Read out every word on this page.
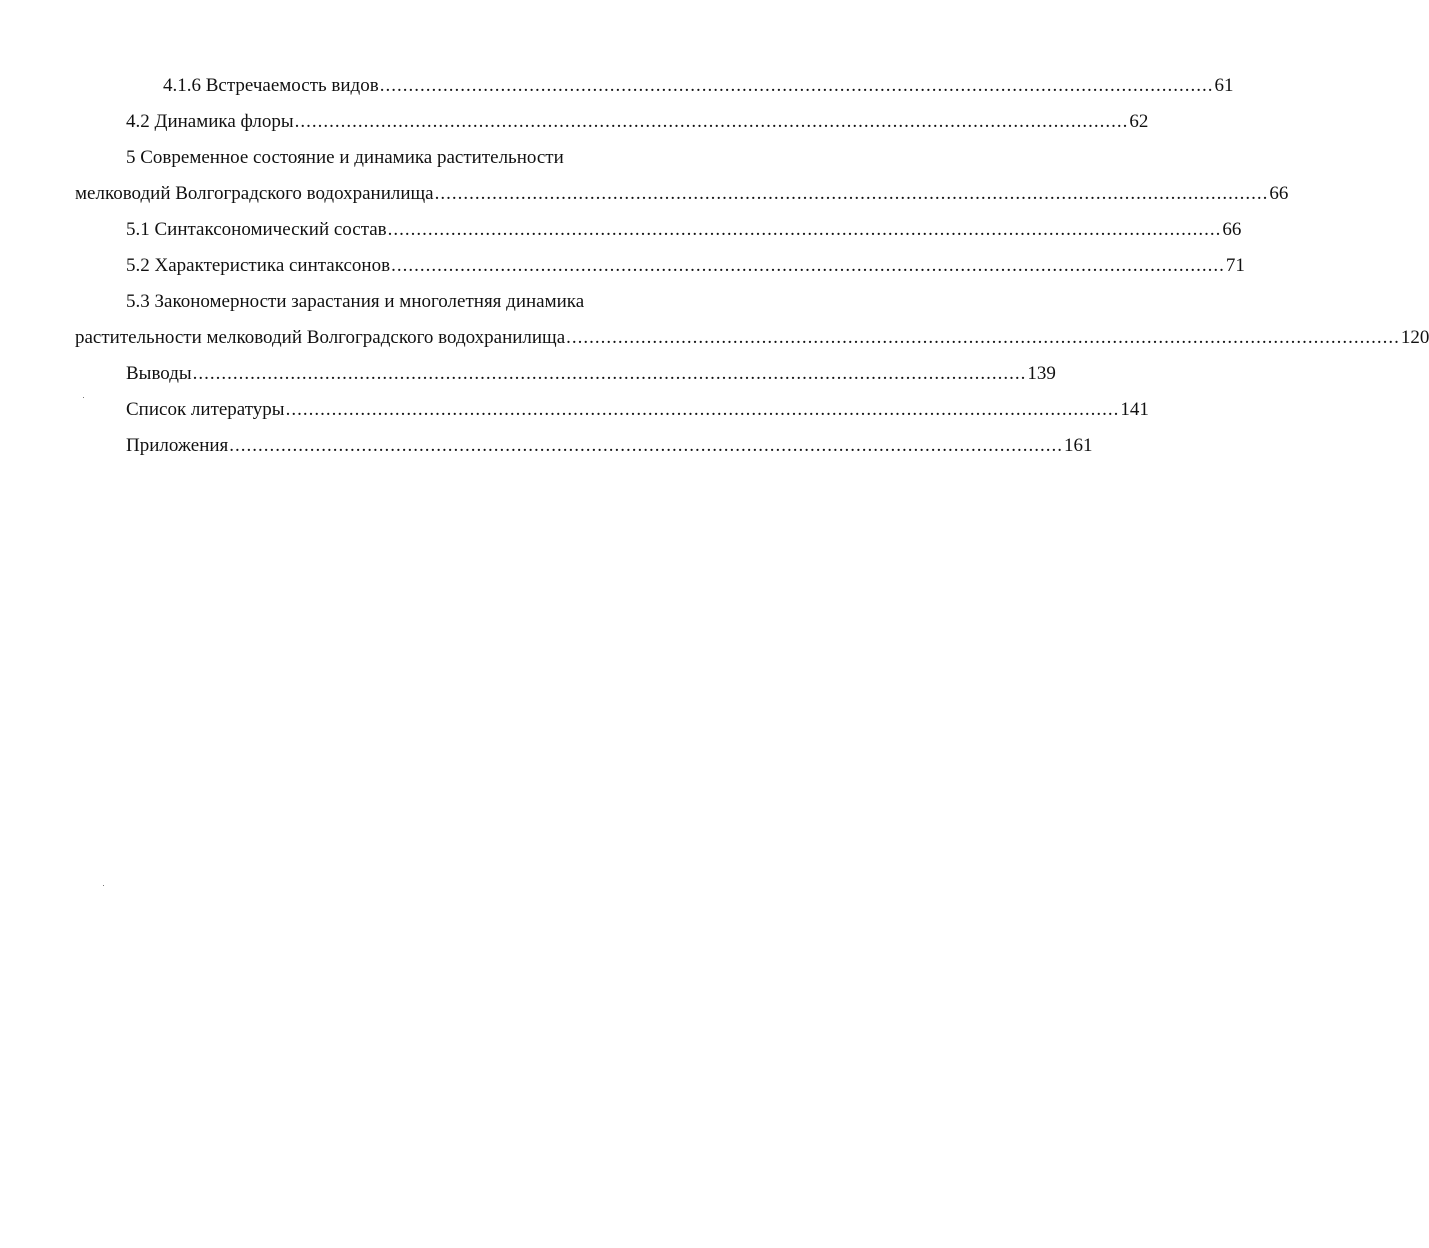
4.1.6 Встречаемость видов ................................................................................................................................................. 61
4.2 Динамика флоры ................................................................................................................................................. 62
5 Современное состояние и динамика растительности
мелководий Волгоградского водохранилища ................................................................................................................................................. 66
5.1 Синтаксономический состав ................................................................................................................................................. 66
5.2 Характеристика синтаксонов ................................................................................................................................................. 71
5.3 Закономерности зарастания и многолетняя динамика
растительности мелководий Волгоградского водохранилища ................................................................................................................................................. 120
Выводы ................................................................................................................................................. 139
Список литературы ................................................................................................................................................. 141
Приложения ................................................................................................................................................. 161
